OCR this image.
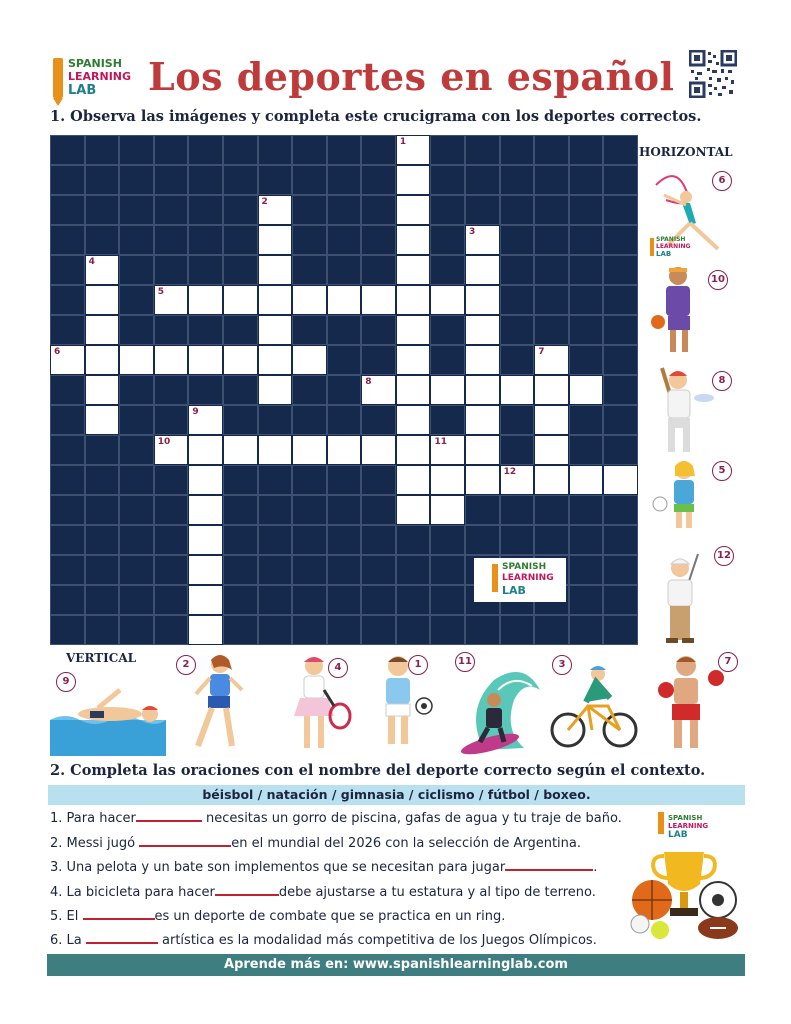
SPANISH
LEARNING
LAB Los deportes en español
1. Observa las imágenes y completa este crucigrama con los deportes correctos.
1
2
3
4
5
6	7
8
9
10	11
12
SPANISH
LEARNING
LAB
HORIZONTAL
VERTICAL
6
SPANISH
LEARNING
LAB
10
8
5
12
9
2	4	1	11	3	7
2. Completa las oraciones con el nombre del deporte correcto según el contexto.
béisbol / natación / gimnasia / ciclismo / fútbol / boxeo.
1. Para hacer	necesitas un gorro de piscina, gafas de agua y tu traje de baño.
2. Messi jugó	en el mundial del 2026 con la selección de Argentina.
3. Una pelota y un bate son implementos que se necesitan para jugar	.
4. La bicicleta para hacer	debe ajustarse a tu estatura y al tipo de terreno.
5. El	es un deporte de combate que se practica en un ring.
6. La	artística es la modalidad más competitiva de los Juegos Olímpicos.
SPANISH
LEARNING
LAB
Aprende más en: www.spanishlearninglab.com
